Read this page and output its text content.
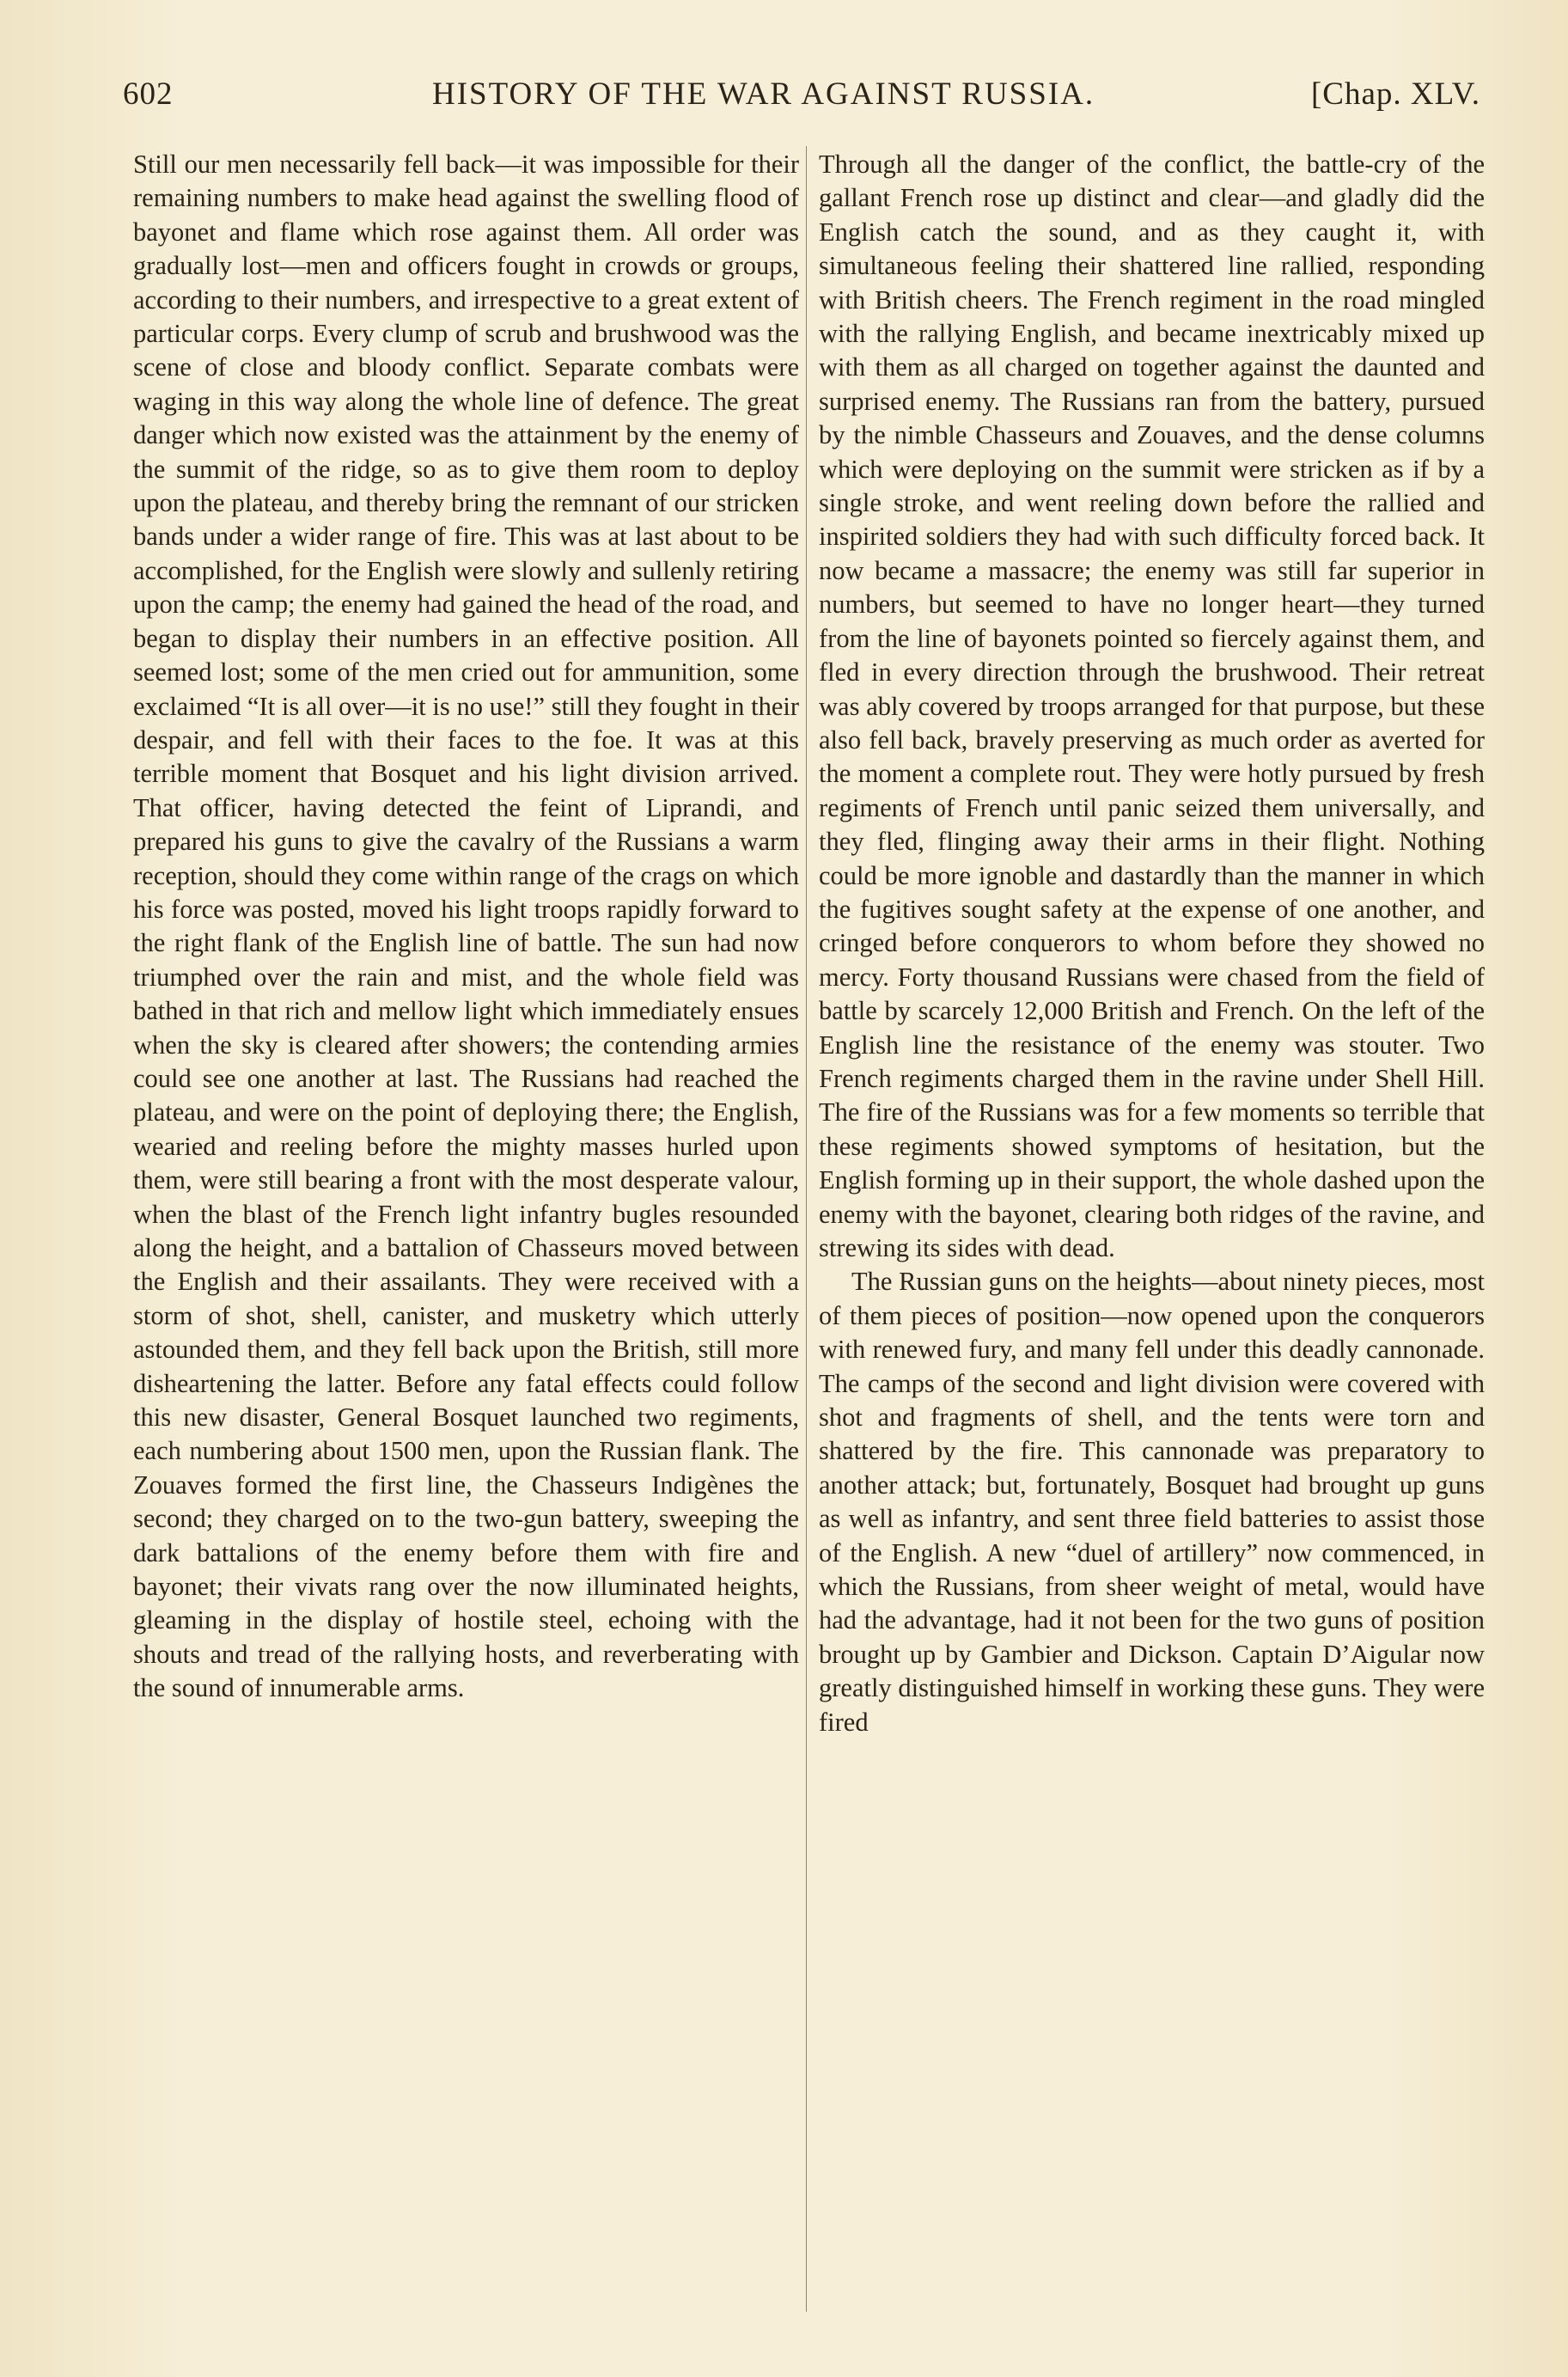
602	HISTORY OF THE WAR AGAINST RUSSIA.	[Chap. XLV.

Still our men necessarily fell back—it was impossible for their remaining numbers to make head against the swelling flood of bayonet and flame which rose against them. All order was gradually lost—men and officers fought in crowds or groups, according to their numbers, and irrespective to a great extent of particular corps. Every clump of scrub and brushwood was the scene of close and bloody conflict. Separate combats were waging in this way along the whole line of defence. The great danger which now existed was the attainment by the enemy of the summit of the ridge, so as to give them room to deploy upon the plateau, and thereby bring the remnant of our stricken bands under a wider range of fire. This was at last about to be accomplished, for the English were slowly and sullenly retiring upon the camp; the enemy had gained the head of the road, and began to display their numbers in an effective position. All seemed lost; some of the men cried out for ammunition, some exclaimed “It is all over—it is no use!” still they fought in their despair, and fell with their faces to the foe. It was at this terrible moment that Bosquet and his light division arrived. That officer, having detected the feint of Liprandi, and prepared his guns to give the cavalry of the Russians a warm reception, should they come within range of the crags on which his force was posted, moved his light troops rapidly forward to the right flank of the English line of battle. The sun had now triumphed over the rain and mist, and the whole field was bathed in that rich and mellow light which immediately ensues when the sky is cleared after showers; the contending armies could see one another at last. The Russians had reached the plateau, and were on the point of deploying there; the English, wearied and reeling before the mighty masses hurled upon them, were still bearing a front with the most desperate valour, when the blast of the French light infantry bugles resounded along the height, and a battalion of Chasseurs moved between the English and their assailants. They were received with a storm of shot, shell, canister, and musketry which utterly astounded them, and they fell back upon the British, still more disheartening the latter. Before any fatal effects could follow this new disaster, General Bosquet launched two regiments, each numbering about 1500 men, upon the Russian flank. The Zouaves formed the first line, the Chasseurs Indigènes the second; they charged on to the two-gun battery, sweeping the dark battalions of the enemy before them with fire and bayonet; their vivats rang over the now illuminated heights, gleaming in the display of hostile steel, echoing with the shouts and tread of the rallying hosts, and reverberating with the sound of innumerable arms.

Through all the danger of the conflict, the battle-cry of the gallant French rose up distinct and clear—and gladly did the English catch the sound, and as they caught it, with simultaneous feeling their shattered line rallied, responding with British cheers. The French regiment in the road mingled with the rallying English, and became inextricably mixed up with them as all charged on together against the daunted and surprised enemy. The Russians ran from the battery, pursued by the nimble Chasseurs and Zouaves, and the dense columns which were deploying on the summit were stricken as if by a single stroke, and went reeling down before the rallied and inspirited soldiers they had with such difficulty forced back. It now became a massacre; the enemy was still far superior in numbers, but seemed to have no longer heart—they turned from the line of bayonets pointed so fiercely against them, and fled in every direction through the brushwood. Their retreat was ably covered by troops arranged for that purpose, but these also fell back, bravely preserving as much order as averted for the moment a complete rout. They were hotly pursued by fresh regiments of French until panic seized them universally, and they fled, flinging away their arms in their flight. Nothing could be more ignoble and dastardly than the manner in which the fugitives sought safety at the expense of one another, and cringed before conquerors to whom before they showed no mercy. Forty thousand Russians were chased from the field of battle by scarcely 12,000 British and French. On the left of the English line the resistance of the enemy was stouter. Two French regiments charged them in the ravine under Shell Hill. The fire of the Russians was for a few moments so terrible that these regiments showed symptoms of hesitation, but the English forming up in their support, the whole dashed upon the enemy with the bayonet, clearing both ridges of the ravine, and strewing its sides with dead.

The Russian guns on the heights—about ninety pieces, most of them pieces of position—now opened upon the conquerors with renewed fury, and many fell under this deadly cannonade. The camps of the second and light division were covered with shot and fragments of shell, and the tents were torn and shattered by the fire. This cannonade was preparatory to another attack; but, fortunately, Bosquet had brought up guns as well as infantry, and sent three field batteries to assist those of the English. A new “duel of artillery” now commenced, in which the Russians, from sheer weight of metal, would have had the advantage, had it not been for the two guns of position brought up by Gambier and Dickson. Captain D’Aigular now greatly distinguished himself in working these guns. They were fired
